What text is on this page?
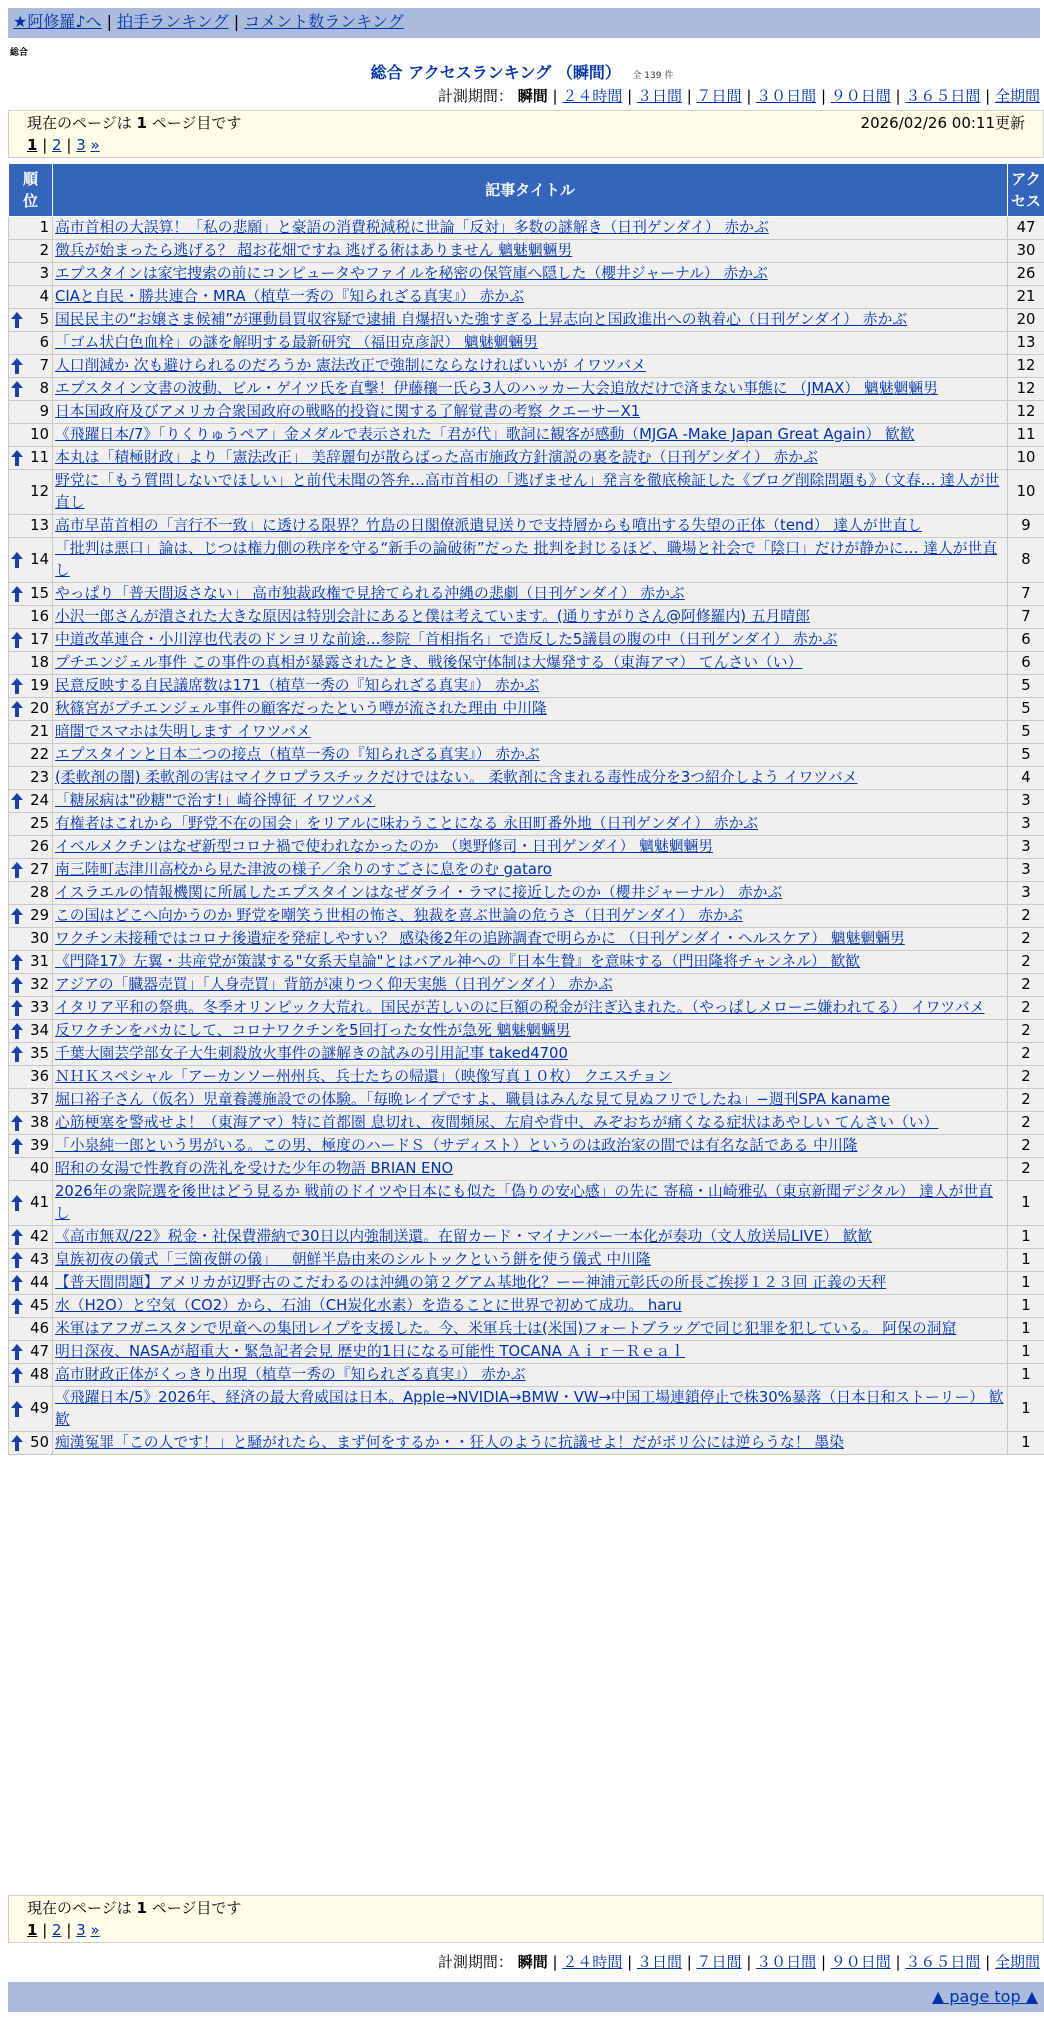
★阿修羅♪へ | 拍手ランキング | コメント数ランキング
総合
総合 アクセスランキング （瞬間） 全 139 件
計測期間： 瞬間 | ２４時間 | ３日間 | ７日間 | ３０日間 | ９０日間 | ３６５日間 | 全期間
現在のページは 1 ページ目です	2026/02/26 00:11更新
1 | 2 | 3 »
順位	記事タイトル	アクセス
1	高市首相の大誤算！「私の悲願」と豪語の消費税減税に世論「反対」多数の謎解き（日刊ゲンダイ） 赤かぶ	47
2	徴兵が始まったら逃げる？ 超お花畑ですね 逃げる術はありません 魑魅魍魎男	30
3	エプスタインは家宅捜索の前にコンピュータやファイルを秘密の保管庫へ隠した（櫻井ジャーナル） 赤かぶ	26
4	CIAと自民・勝共連合・MRA（植草一秀の『知られざる真実』） 赤かぶ	21

5	国民民主の“お嬢さま候補”が運動員買収容疑で逮捕 自爆招いた強すぎる上昇志向と国政進出への執着心（日刊ゲンダイ） 赤かぶ	20
6	「ゴム状白色血栓」の謎を解明する最新研究 （福田克彦訳） 魑魅魍魎男	13

7	人口削減か 次も避けられるのだろうか 憲法改正で強制にならなければいいが イワツバメ	12

8	エプスタイン文書の波動、ビル・ゲイツ氏を直撃！伊藤穰一氏ら3人のハッカー大会追放だけで済まない事態に （JMAX） 魑魅魍魎男	12
9	日本国政府及びアメリカ合衆国政府の戦略的投資に関する了解覚書の考察 クエーサーX1	12
10	《飛躍日本/7》「りくりゅうペア」金メダルで表示された「君が代」歌詞に観客が感動（MJGA -Make Japan Great Again） 歓歓	11

11	本丸は「積極財政」より「憲法改正」 美辞麗句が散らばった高市施政方針演説の裏を読む（日刊ゲンダイ） 赤かぶ	10
12	野党に「もう質問しないでほしい」と前代未聞の答弁…高市首相の「逃げません」発言を徹底検証した《ブログ削除問題も》（文春… 達人が世直し	10
13	高市早苗首相の「言行不一致」に透ける限界？竹島の日閣僚派遣見送りで支持層からも噴出する失望の正体（tend） 達人が世直し	9

14	「批判は悪口」論は、じつは権力側の秩序を守る“新手の論破術”だった 批判を封じるほど、職場と社会で「陰口」だけが静かに… 達人が世直し	8

15	やっぱり「普天間返さない」 高市独裁政権で見捨てられる沖縄の悲劇（日刊ゲンダイ） 赤かぶ	7
16	小沢一郎さんが潰された大きな原因は特別会計にあると僕は考えています。(通りすがりさん@阿修羅内) 五月晴郎	7

17	中道改革連合・小川淳也代表のドンヨリな前途…参院「首相指名」で造反した5議員の腹の中（日刊ゲンダイ） 赤かぶ	6
18	プチエンジェル事件 この事件の真相が暴露されたとき、戦後保守体制は大爆発する（東海アマ） てんさい（い）	6

19	民意反映する自民議席数は171（植草一秀の『知られざる真実』） 赤かぶ	5

20	秋篠宮がプチエンジェル事件の顧客だったという噂が流された理由 中川隆	5
21	暗闇でスマホは失明します イワツバメ	5
22	エプスタインと日本二つの接点（植草一秀の『知られざる真実』） 赤かぶ	5
23	(柔軟剤の闇) 柔軟剤の害はマイクロプラスチックだけではない。 柔軟剤に含まれる毒性成分を3つ紹介しよう イワツバメ	4

24	「糖尿病は"砂糖"で治す!」崎谷博征 イワツバメ	3
25	有権者はこれから「野党不在の国会」をリアルに味わうことになる 永田町番外地（日刊ゲンダイ） 赤かぶ	3
26	イベルメクチンはなぜ新型コロナ禍で使われなかったのか （奥野修司・日刊ゲンダイ） 魑魅魍魎男	3

27	南三陸町志津川高校から見た津波の様子／余りのすごさに息をのむ gataro	3
28	イスラエルの情報機関に所属したエプスタインはなぜダライ・ラマに接近したのか（櫻井ジャーナル） 赤かぶ	3

29	この国はどこへ向かうのか 野党を嘲笑う世相の怖さ、独裁を喜ぶ世論の危うさ（日刊ゲンダイ） 赤かぶ	2
30	ワクチン未接種ではコロナ後遺症を発症しやすい？ 感染後2年の追跡調査で明らかに （日刊ゲンダイ・ヘルスケア） 魑魅魍魎男	2

31	《門降17》左翼・共産党が策謀する"女系天皇論"とはバアル神への『日本生贄』を意味する（門田隆将チャンネル） 歓歓	2

32	アジアの「臓器売買」「人身売買」背筋が凍りつく仰天実態（日刊ゲンダイ） 赤かぶ	2

33	イタリア平和の祭典。冬季オリンピック大荒れ。国民が苦しいのに巨額の税金が注ぎ込まれた。（やっぱしメローニ嫌われてる） イワツバメ	2

34	反ワクチンをバカにして、コロナワクチンを5回打った女性が急死 魑魅魍魎男	2

35	千葉大園芸学部女子大生刺殺放火事件の謎解きの試みの引用記事 taked4700	2
36	ＮＨＫスペシャル「アーカンソー州州兵、兵士たちの帰還」（映像写真１０枚） クエスチョン	2
37	堀口裕子さん（仮名）児童養護施設での体験。「毎晩レイプですよ、職員はみんな見て見ぬフリでしたね」−週刊SPA kaname	2

38	心筋梗塞を警戒せよ！（東海アマ）特に首都圏 息切れ、夜間頻尿、左肩や背中、みぞおちが痛くなる症状はあやしい てんさい（い）	2

39	「小泉純一郎という男がいる。この男、極度のハードＳ（サディスト）というのは政治家の間では有名な話である 中川隆	2
40	昭和の女湯で性教育の洗礼を受けた少年の物語 BRIAN ENO	2

41	2026年の衆院選を後世はどう見るか 戦前のドイツや日本にも似た「偽りの安心感」の先に 寄稿・山崎雅弘（東京新聞デジタル） 達人が世直し	1

42	《高市無双/22》税金・社保費滞納で30日以内強制送還。在留カード・マイナンバー一本化が奏功（文人放送局LIVE） 歓歓	1

43	皇族初夜の儀式「三箇夜餅の儀」＿朝鮮半島由来のシルトックという餅を使う儀式 中川隆	1

44	【普天間問題】アメリカが辺野古のこだわるのは沖縄の第２グアム基地化？ーー神浦元彰氏の所長ご挨拶１２３回 正義の天秤	1

45	水（H2O）と空気（CO2）から、石油（CH炭化水素）を造ることに世界で初めて成功。 haru	1
46	米軍はアフガニスタンで児童への集団レイプを支援した。今、米軍兵士は(米国)フォートブラッグで同じ犯罪を犯している。 阿保の洞窟	1

47	明日深夜、NASAが超重大・緊急記者会見 歴史的1日になる可能性 TOCANA Ａｉｒ－Ｒｅａｌ	1

48	高市財政正体がくっきり出現（植草一秀の『知られざる真実』） 赤かぶ	1

49	《飛躍日本/5》2026年、経済の最大脅威国は日本。Apple→NVIDIA→BMW・VW→中国工場連鎖停止で株30%暴落（日本日和ストーリー） 歓歓	1

50	痴漢冤罪「この人です！」と騒がれたら、まず何をするか・・狂人のように抗議せよ！だがポリ公には逆らうな！ 墨染	1
現在のページは 1 ページ目です
1 | 2 | 3 »
計測期間： 瞬間 | ２４時間 | ３日間 | ７日間 | ３０日間 | ９０日間 | ３６５日間 | 全期間
▲ page top ▲
